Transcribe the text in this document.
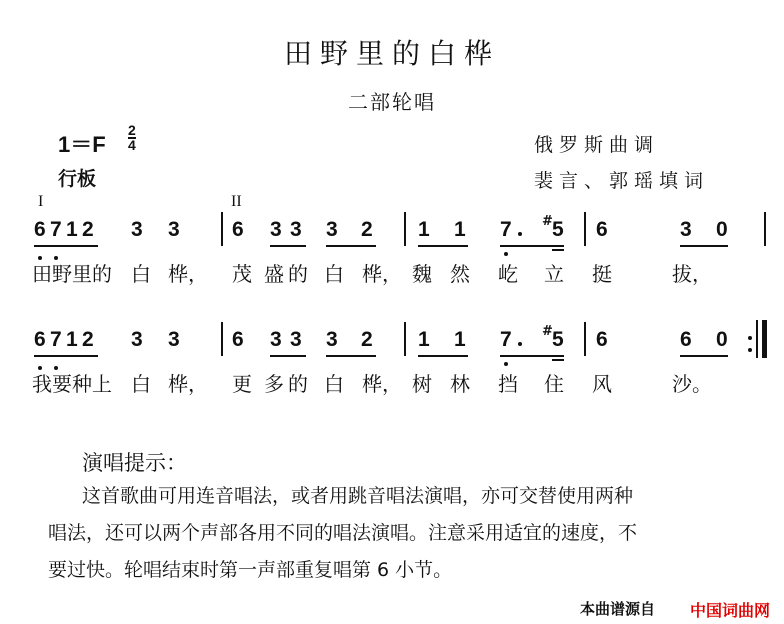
田野里的白桦
二部轮唱
$1=F \frac{2}{4}$
行板
俄罗斯曲调
裴言、郭瑶填词
I	II
6 7 1 2 3 3 6 3 3 3 2 1 1 7 # 5 6	3 0
田 野 里 的 白 桦， 茂 盛 的 白 桦， 魏 然 屹 立 挺	拔，
6 7 1 2 3 3 6 3 3 3 2 1 1 7 # 5 6	6 0
我 要 种 上 白 桦， 更 多 的 白 桦， 树 林 挡 住 风	沙。
演唱提示：
这首歌曲可用连音唱法，或者用跳音唱法演唱，亦可交替使用两种
唱法，还可以两个声部各用不同的唱法演唱。注意采用适宜的速度，不
要过快。轮唱结束时第一声部重复唱第 6 小节。
本曲谱源自 中国词曲网
